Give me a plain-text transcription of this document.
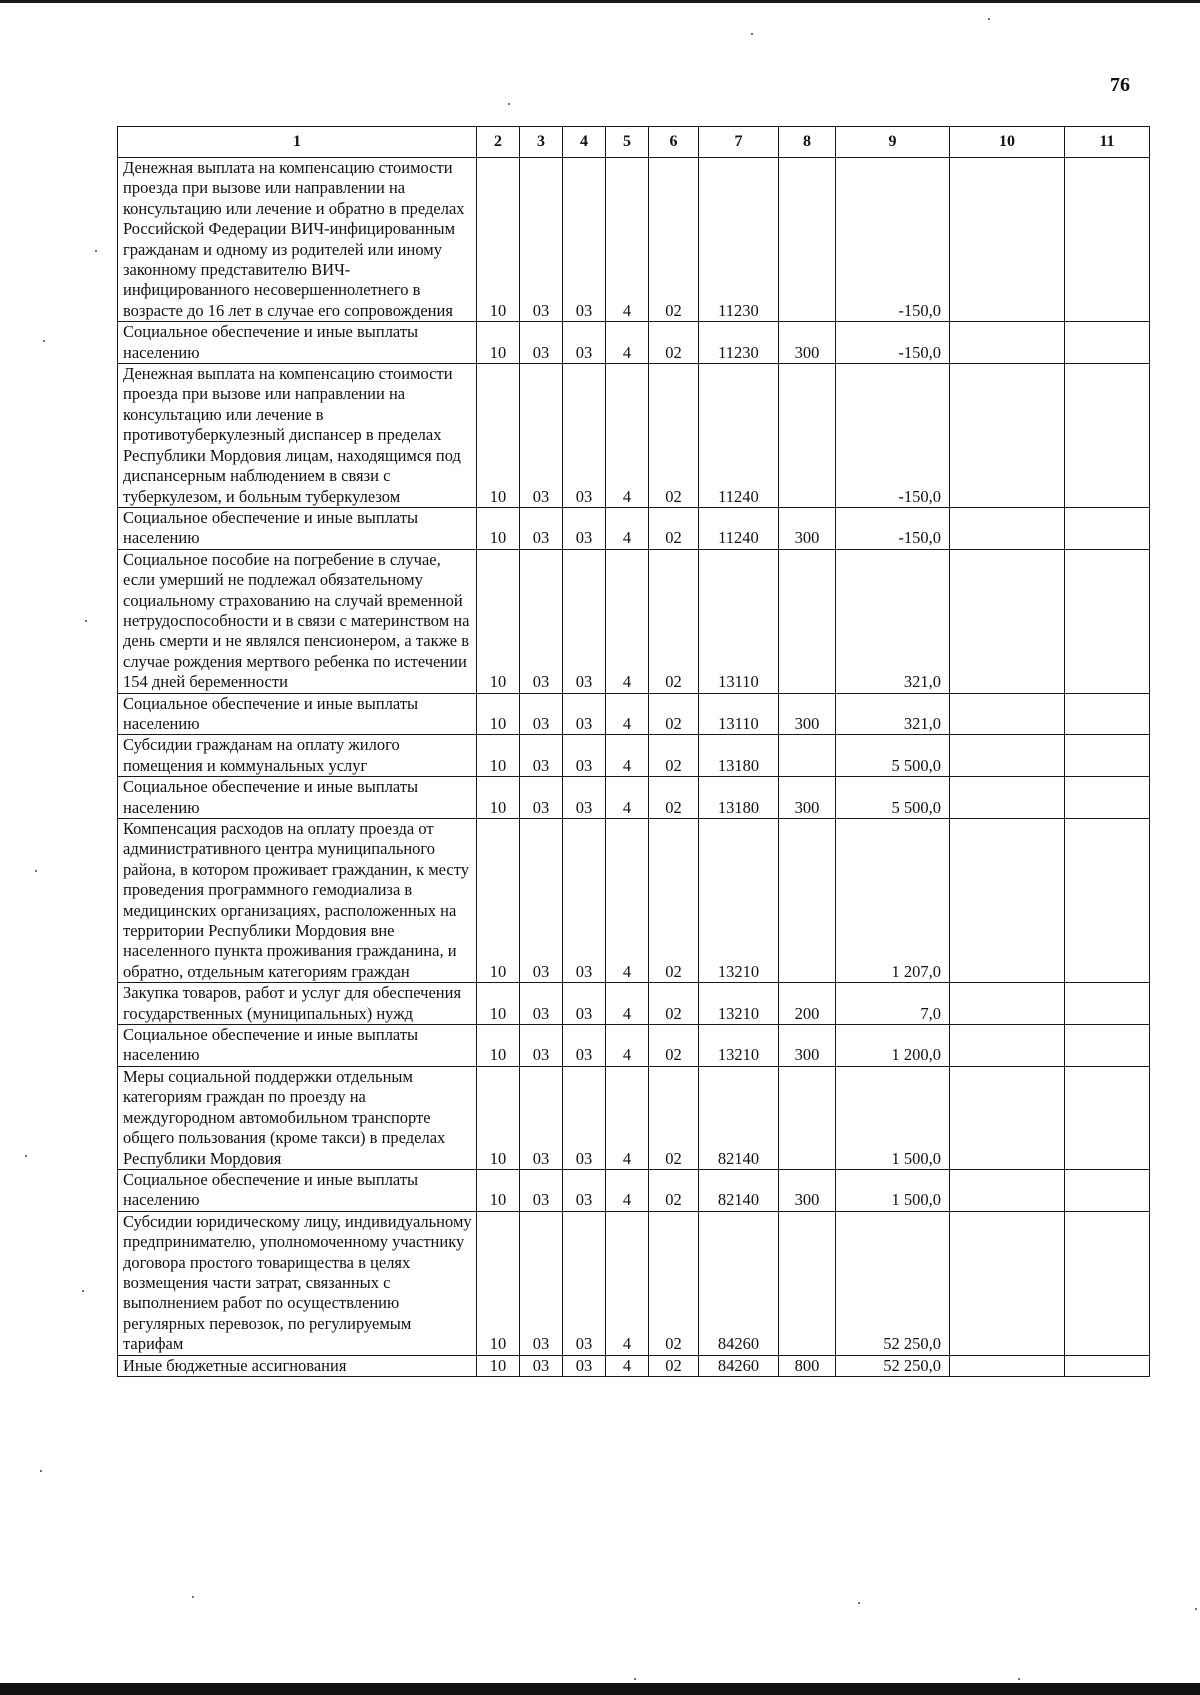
76
1	2	3	4	5	6	7	8	9	10	11
Денежная выплата на компенсацию стоимости проезда при вызове или направлении на консультацию или лечение и обратно в пределах Российской Федерации ВИЧ-инфицированным гражданам и одному из родителей или иному законному представителю ВИЧ-инфицированного несовершеннолетнего в возрасте до 16 лет в случае его сопровождения	10	03	03	4	02	11230		-150,0		
Социальное обеспечение и иные выплаты населению	10	03	03	4	02	11230	300	-150,0		
Денежная выплата на компенсацию стоимости проезда при вызове или направлении на консультацию или лечение в противотуберкулезный диспансер в пределах Республики Мордовия лицам, находящимся под диспансерным наблюдением в связи с туберкулезом, и больным туберкулезом	10	03	03	4	02	11240		-150,0		
Социальное обеспечение и иные выплаты населению	10	03	03	4	02	11240	300	-150,0		
Социальное пособие на погребение в случае, если умерший не подлежал обязательному социальному страхованию на случай временной нетрудоспособности и в связи с материнством на день смерти и не являлся пенсионером, а также в случае рождения мертвого ребенка по истечении 154 дней беременности	10	03	03	4	02	13110		321,0		
Социальное обеспечение и иные выплаты населению	10	03	03	4	02	13110	300	321,0		
Субсидии гражданам на оплату жилого помещения и коммунальных услуг	10	03	03	4	02	13180		5 500,0		
Социальное обеспечение и иные выплаты населению	10	03	03	4	02	13180	300	5 500,0		
Компенсация расходов на оплату проезда от административного центра муниципального района, в котором проживает гражданин, к месту проведения программного гемодиализа в медицинских организациях, расположенных на территории Республики Мордовия вне населенного пункта проживания гражданина, и обратно, отдельным категориям граждан	10	03	03	4	02	13210		1 207,0		
Закупка товаров, работ и услуг для обеспечения государственных (муниципальных) нужд	10	03	03	4	02	13210	200	7,0		
Социальное обеспечение и иные выплаты населению	10	03	03	4	02	13210	300	1 200,0		
Меры социальной поддержки отдельным категориям граждан по проезду на междугородном автомобильном транспорте общего пользования (кроме такси) в пределах Республики Мордовия	10	03	03	4	02	82140		1 500,0		
Социальное обеспечение и иные выплаты населению	10	03	03	4	02	82140	300	1 500,0		
Субсидии юридическому лицу, индивидуальному предпринимателю, уполномоченному участнику договора простого товарищества в целях возмещения части затрат, связанных с выполнением работ по осуществлению регулярных перевозок, по регулируемым тарифам	10	03	03	4	02	84260		52 250,0		
Иные бюджетные ассигнования	10	03	03	4	02	84260	800	52 250,0		
